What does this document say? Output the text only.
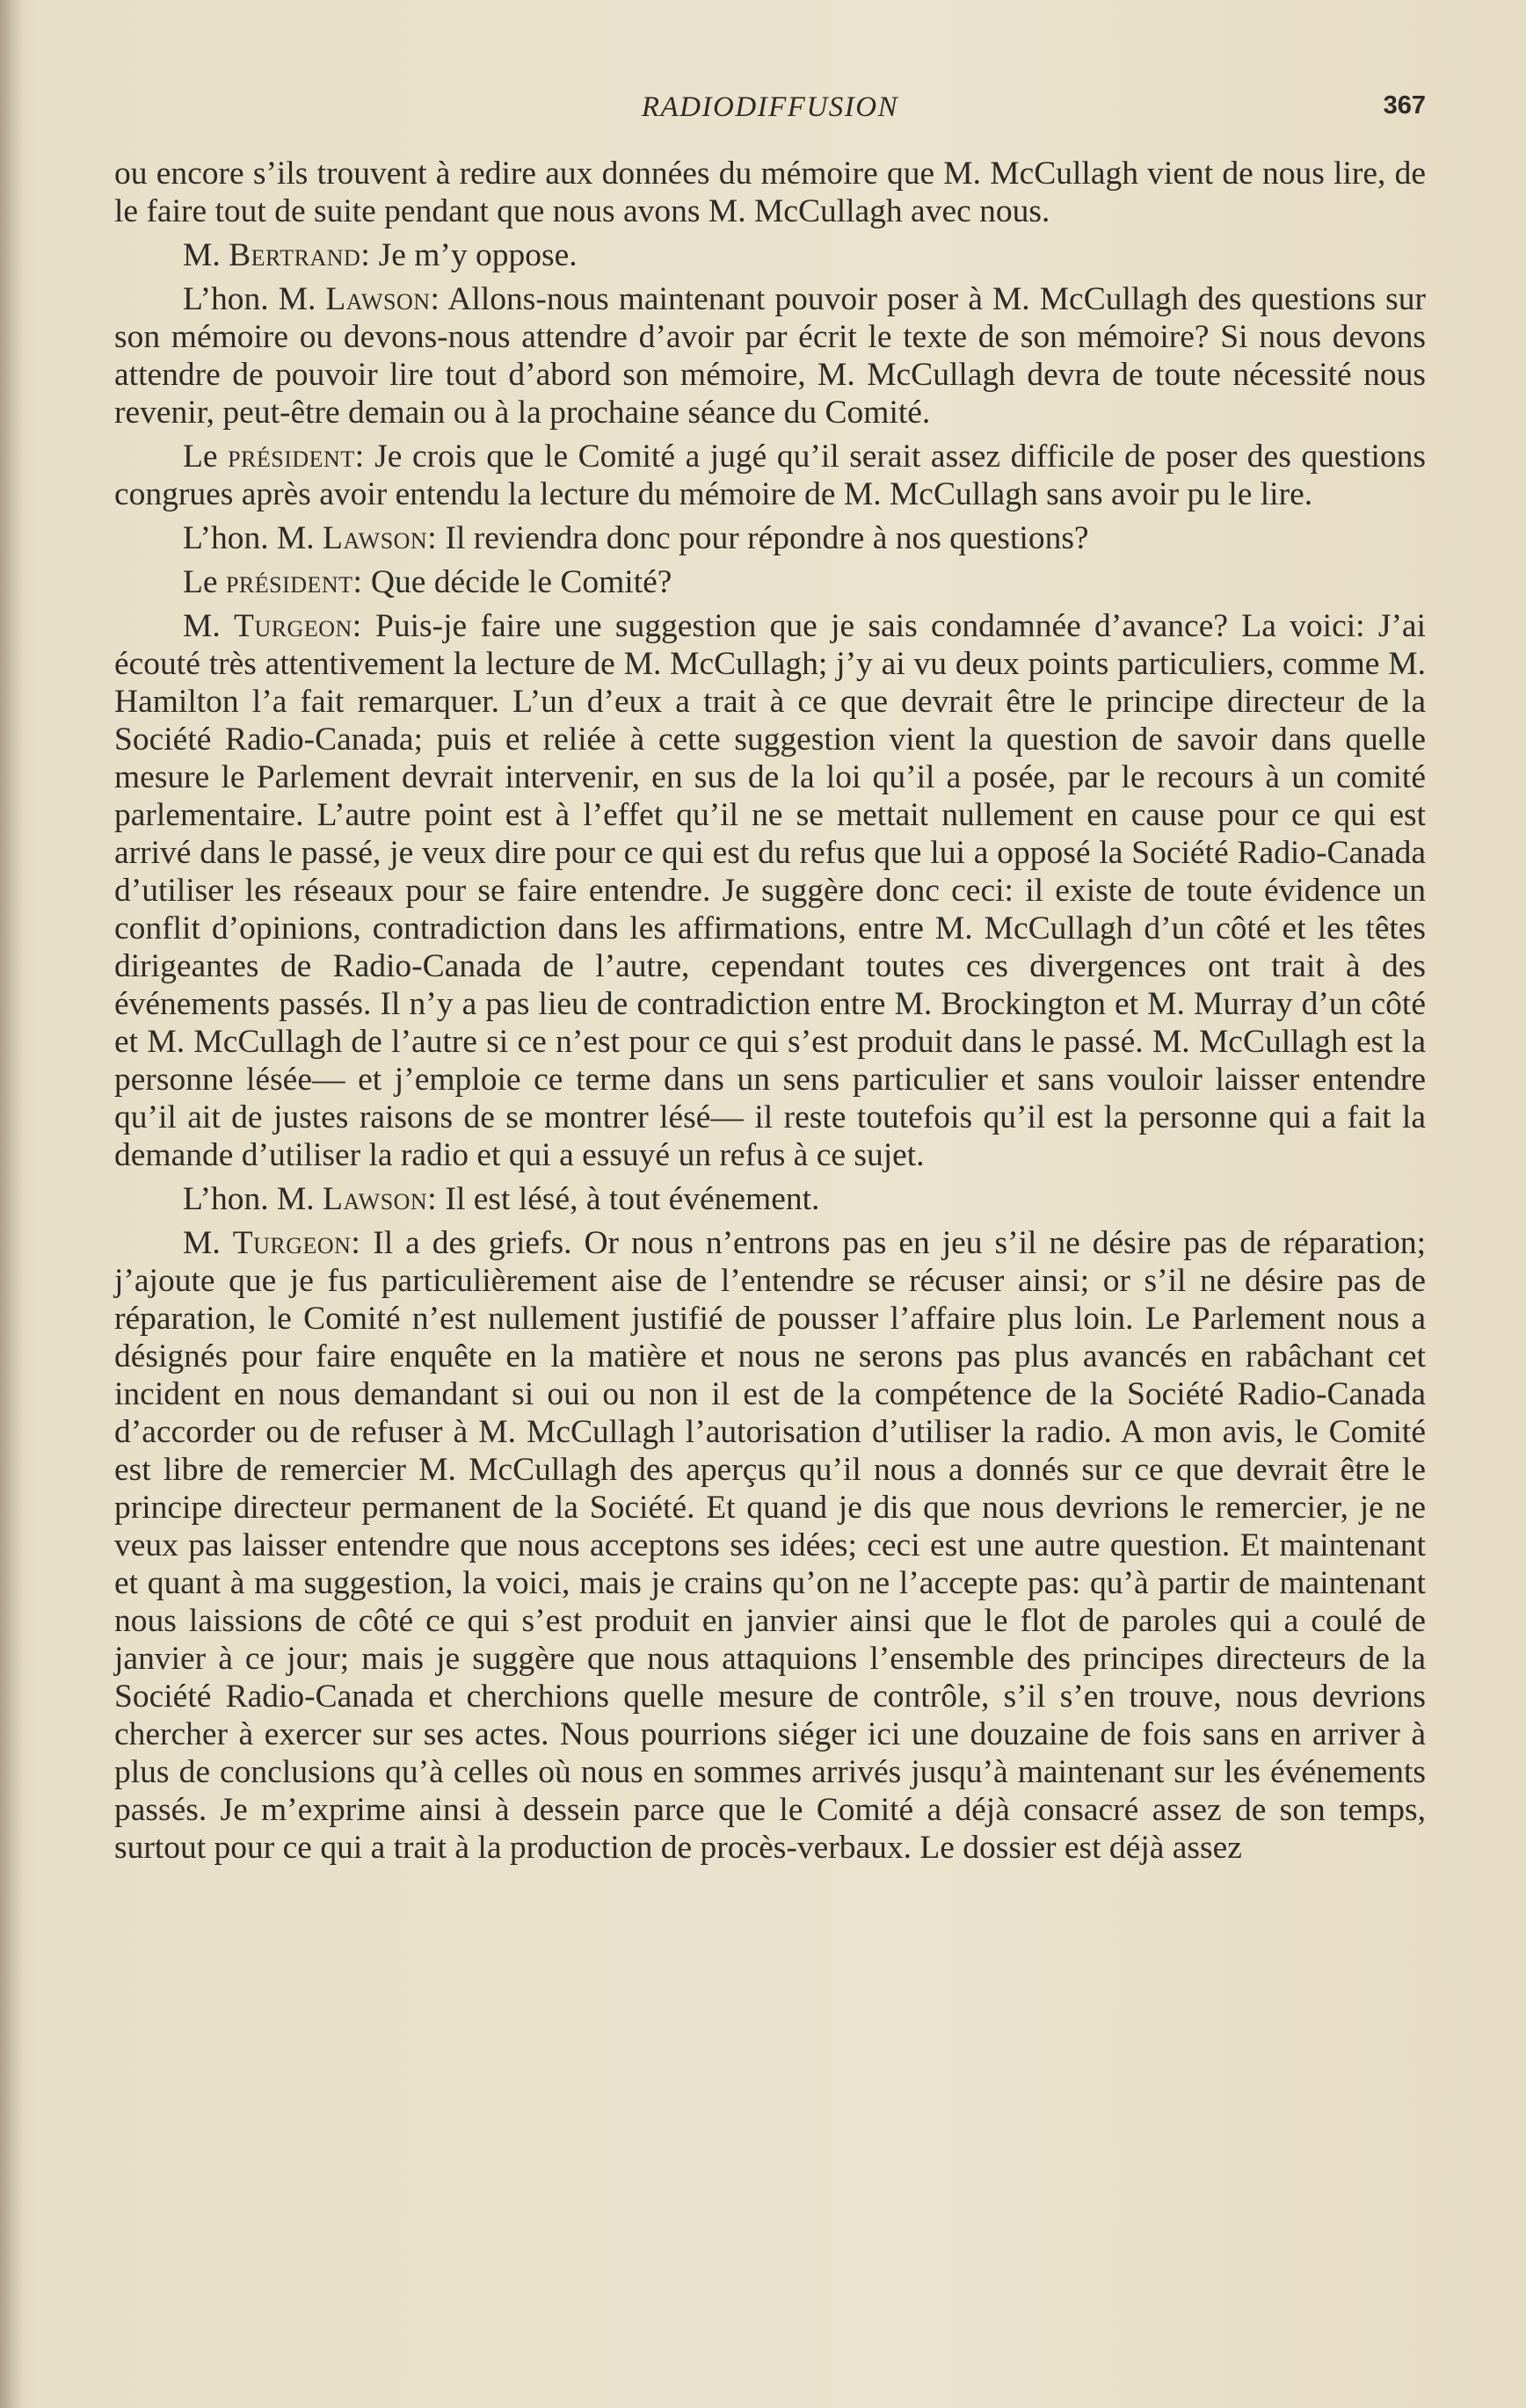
RADIODIFFUSION	367

ou encore s’ils trouvent à redire aux données du mémoire que M. McCullagh vient de nous lire, de le faire tout de suite pendant que nous avons M. McCullagh avec nous.

M. Bertrand: Je m’y oppose.

L’hon. M. Lawson: Allons-nous maintenant pouvoir poser à M. McCullagh des questions sur son mémoire ou devons-nous attendre d’avoir par écrit le texte de son mémoire? Si nous devons attendre de pouvoir lire tout d’abord son mémoire, M. McCullagh devra de toute nécessité nous revenir, peut-être demain ou à la prochaine séance du Comité.

Le président: Je crois que le Comité a jugé qu’il serait assez difficile de poser des questions congrues après avoir entendu la lecture du mémoire de M. McCullagh sans avoir pu le lire.

L’hon. M. Lawson: Il reviendra donc pour répondre à nos questions?

Le président: Que décide le Comité?

M. Turgeon: Puis-je faire une suggestion que je sais condamnée d’avance? La voici: J’ai écouté très attentivement la lecture de M. McCullagh; j’y ai vu deux points particuliers, comme M. Hamilton l’a fait remarquer. L’un d’eux a trait à ce que devrait être le principe directeur de la Société Radio-Canada; puis et reliée à cette suggestion vient la question de savoir dans quelle mesure le Parlement devrait intervenir, en sus de la loi qu’il a posée, par le recours à un comité parlementaire. L’autre point est à l’effet qu’il ne se mettait nullement en cause pour ce qui est arrivé dans le passé, je veux dire pour ce qui est du refus que lui a opposé la Société Radio-Canada d’utiliser les réseaux pour se faire entendre. Je suggère donc ceci: il existe de toute évidence un conflit d’opinions, contradiction dans les affirmations, entre M. McCullagh d’un côté et les têtes dirigeantes de Radio-Canada de l’autre, cependant toutes ces divergences ont trait à des événements passés. Il n’y a pas lieu de contradiction entre M. Brockington et M. Murray d’un côté et M. McCullagh de l’autre si ce n’est pour ce qui s’est produit dans le passé. M. McCullagh est la personne lésée— et j’emploie ce terme dans un sens particulier et sans vouloir laisser entendre qu’il ait de justes raisons de se montrer lésé— il reste toutefois qu’il est la personne qui a fait la demande d’utiliser la radio et qui a essuyé un refus à ce sujet.

L’hon. M. Lawson: Il est lésé, à tout événement.

M. Turgeon: Il a des griefs. Or nous n’entrons pas en jeu s’il ne désire pas de réparation; j’ajoute que je fus particulièrement aise de l’entendre se récuser ainsi; or s’il ne désire pas de réparation, le Comité n’est nullement justifié de pousser l’affaire plus loin. Le Parlement nous a désignés pour faire enquête en la matière et nous ne serons pas plus avancés en rabâchant cet incident en nous demandant si oui ou non il est de la compétence de la Société Radio-Canada d’accorder ou de refuser à M. McCullagh l’autorisation d’utiliser la radio. A mon avis, le Comité est libre de remercier M. McCullagh des aperçus qu’il nous a donnés sur ce que devrait être le principe directeur permanent de la Société. Et quand je dis que nous devrions le remercier, je ne veux pas laisser entendre que nous acceptons ses idées; ceci est une autre question. Et maintenant et quant à ma suggestion, la voici, mais je crains qu’on ne l’accepte pas: qu’à partir de maintenant nous laissions de côté ce qui s’est produit en janvier ainsi que le flot de paroles qui a coulé de janvier à ce jour; mais je suggère que nous attaquions l’ensemble des principes directeurs de la Société Radio-Canada et cherchions quelle mesure de contrôle, s’il s’en trouve, nous devrions chercher à exercer sur ses actes. Nous pourrions siéger ici une douzaine de fois sans en arriver à plus de conclusions qu’à celles où nous en sommes arrivés jusqu’à maintenant sur les événements passés. Je m’exprime ainsi à dessein parce que le Comité a déjà consacré assez de son temps, surtout pour ce qui a trait à la production de procès-verbaux. Le dossier est déjà assez
